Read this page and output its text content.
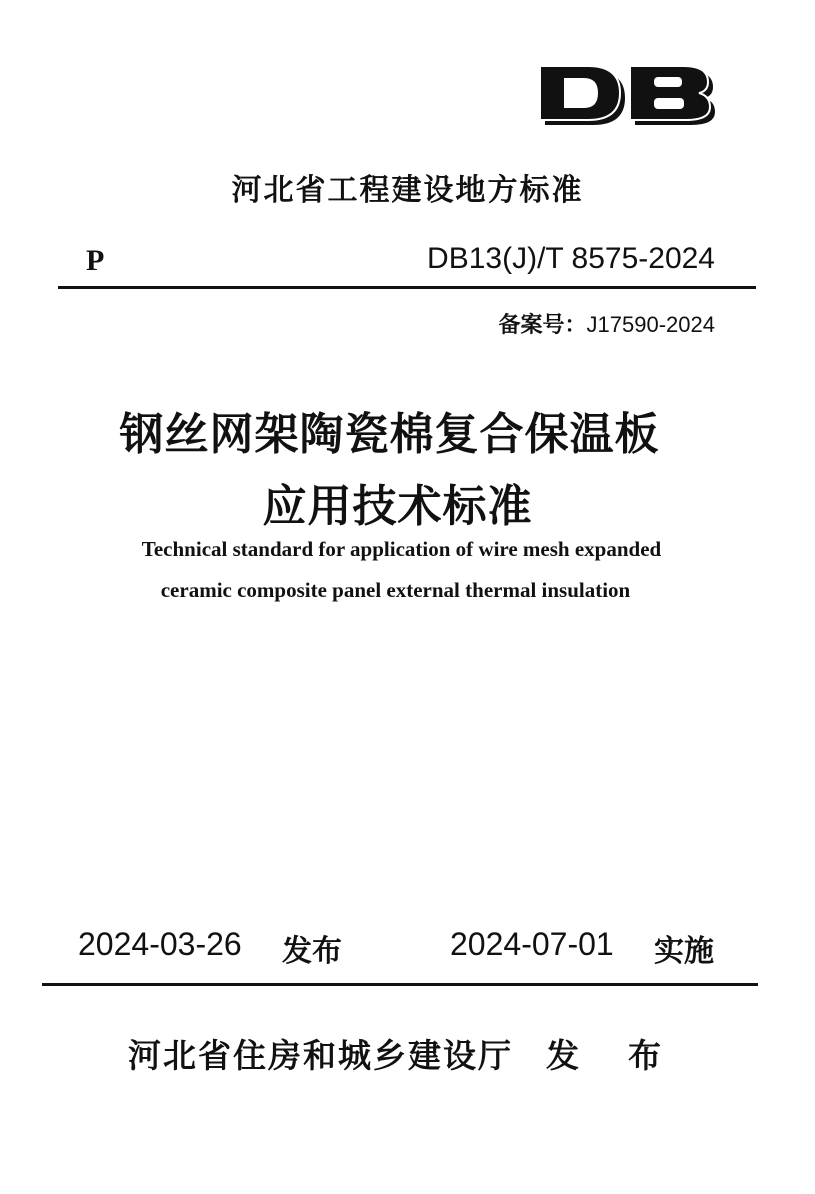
河北省工程建设地方标准
P	DB13(J)/T 8575-2024
备案号：J17590-2024
钢丝网架陶瓷棉复合保温板
应用技术标准
Technical standard for application of wire mesh expanded
ceramic composite panel external thermal insulation
2024-03-26 发布	2024-07-01 实施
河北省住房和城乡建设厅 发 布
